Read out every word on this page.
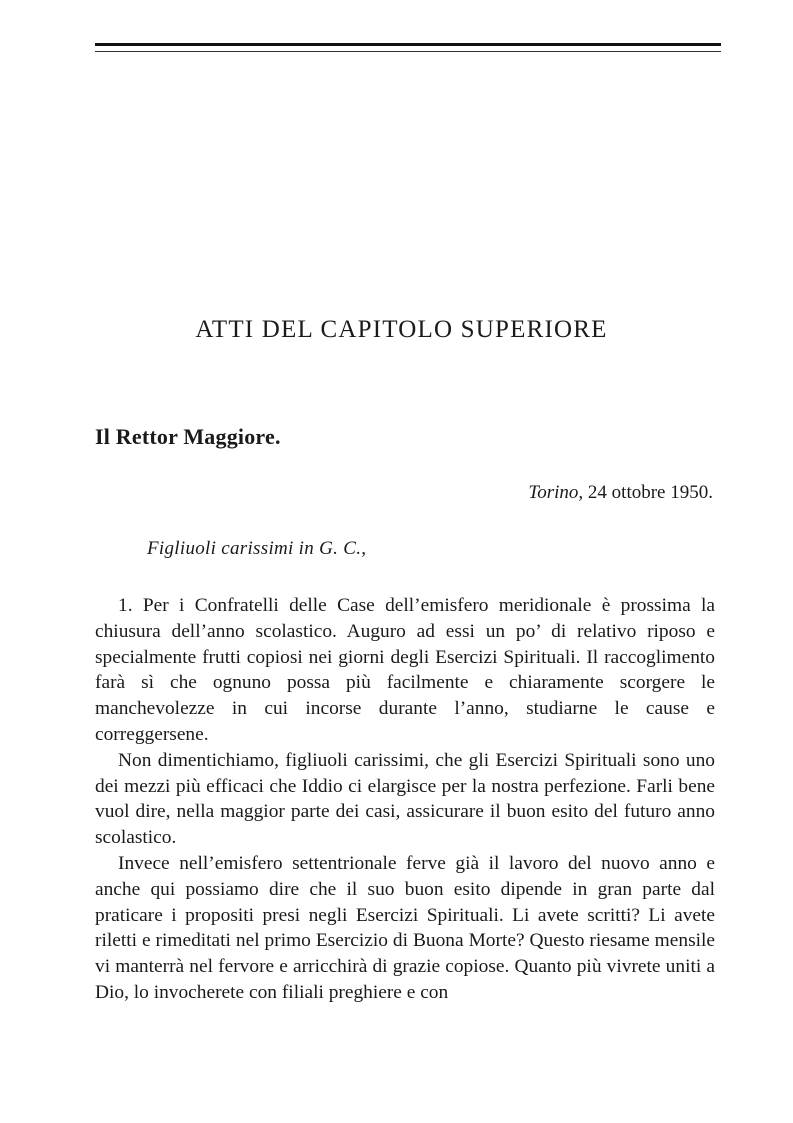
ATTI DEL CAPITOLO SUPERIORE
Il Rettor Maggiore.
Torino, 24 ottobre 1950.
Figliuoli carissimi in G. C.,

1. Per i Confratelli delle Case dell’emisfero meridionale è prossima la chiusura dell’anno scolastico. Auguro ad essi un po’ di relativo riposo e specialmente frutti copiosi nei giorni degli Esercizi Spirituali. Il raccoglimento farà sì che ognuno possa più facilmente e chiaramente scorgere le manchevolezze in cui incorse durante l’anno, studiarne le cause e correggersene.

Non dimentichiamo, figliuoli carissimi, che gli Esercizi Spirituali sono uno dei mezzi più efficaci che Iddio ci elargisce per la nostra perfezione. Farli bene vuol dire, nella maggior parte dei casi, assicurare il buon esito del futuro anno scolastico.

Invece nell’emisfero settentrionale ferve già il lavoro del nuovo anno e anche qui possiamo dire che il suo buon esito dipende in gran parte dal praticare i propositi presi negli Esercizi Spirituali. Li avete scritti? Li avete riletti e rimeditati nel primo Esercizio di Buona Morte? Questo riesame mensile vi manterrà nel fervore e arricchirà di grazie copiose. Quanto più vivrete uniti a Dio, lo invocherete con filiali preghiere e con
